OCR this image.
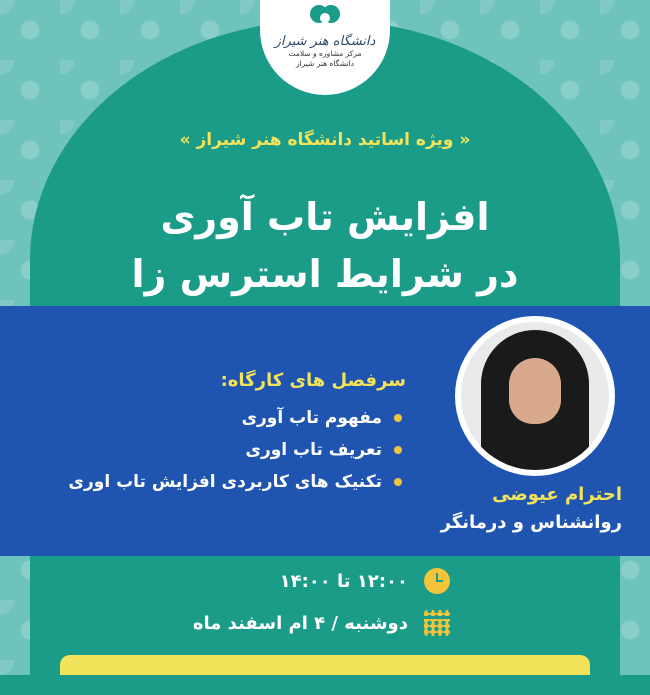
دانشگاه هنر شیراز
مرکز مشاوره و سلامت
دانشگاه هنر شیراز
« ویژه اساتید دانشگاه هنر شیراز »
افزایش تاب آوری
در شرایط استرس زا
احترام عیوضی
روانشناس و درمانگر
سرفصل های کارگاه:
مفهوم تاب آوری
تعریف تاب اوری
تکنیک های کاربردی افزایش تاب اوری
۱۲:۰۰ تا ۱۴:۰۰
دوشنبه / ۴ ام اسفند ماه
